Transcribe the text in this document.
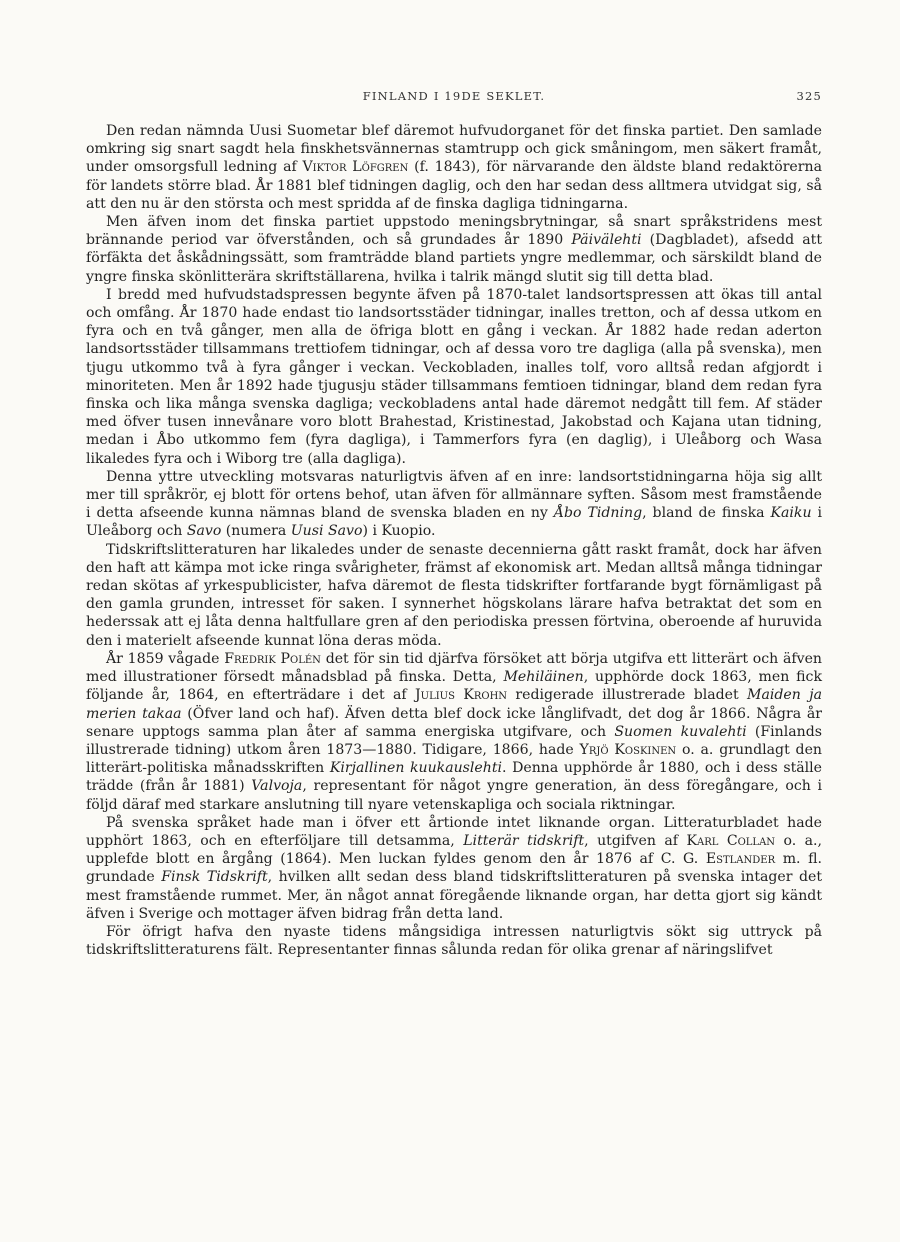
FINLAND I 19DE SEKLET.	325

Den redan nämnda Uusi Suometar blef däremot hufvudorganet för det finska partiet. Den samlade omkring sig snart sagdt hela finskhetsvännernas stamtrupp och gick småningom, men säkert framåt, under omsorgsfull ledning af Viktor Löfgren (f. 1843), för närvarande den äldste bland redaktörerna för landets större blad. År 1881 blef tidningen daglig, och den har sedan dess alltmera utvidgat sig, så att den nu är den största och mest spridda af de finska dagliga tidningarna.

Men äfven inom det finska partiet uppstodo meningsbrytningar, så snart språkstridens mest brännande period var öfverstånden, och så grundades år 1890 Päivälehti (Dagbladet), afsedd att förfäkta det åskådningssätt, som framträdde bland partiets yngre medlemmar, och särskildt bland de yngre finska skönlitterära skriftställarena, hvilka i talrik mängd slutit sig till detta blad.

I bredd med hufvudstadspressen begynte äfven på 1870-talet landsortspressen att ökas till antal och omfång. År 1870 hade endast tio landsortsstäder tidningar, inalles tretton, och af dessa utkom en fyra och en två gånger, men alla de öfriga blott en gång i veckan. År 1882 hade redan aderton landsortsstäder tillsammans trettiofem tidningar, och af dessa voro tre dagliga (alla på svenska), men tjugu utkommo två à fyra gånger i veckan. Veckobladen, inalles tolf, voro alltså redan afgjordt i minoriteten. Men år 1892 hade tjugusju städer tillsammans femtioen tidningar, bland dem redan fyra finska och lika många svenska dagliga; veckobladens antal hade däremot nedgått till fem. Af städer med öfver tusen innevånare voro blott Brahestad, Kristinestad, Jakobstad och Kajana utan tidning, medan i Åbo utkommo fem (fyra dagliga), i Tammerfors fyra (en daglig), i Uleåborg och Wasa likaledes fyra och i Wiborg tre (alla dagliga).

Denna yttre utveckling motsvaras naturligtvis äfven af en inre: landsortstidningarna höja sig allt mer till språkrör, ej blott för ortens behof, utan äfven för allmännare syften. Såsom mest framstående i detta afseende kunna nämnas bland de svenska bladen en ny Åbo Tidning, bland de finska Kaiku i Uleåborg och Savo (numera Uusi Savo) i Kuopio.

Tidskriftslitteraturen har likaledes under de senaste decennierna gått raskt framåt, dock har äfven den haft att kämpa mot icke ringa svårigheter, främst af ekonomisk art. Medan alltså många tidningar redan skötas af yrkespublicister, hafva däremot de flesta tidskrifter fortfarande bygt förnämligast på den gamla grunden, intresset för saken. I synnerhet högskolans lärare hafva betraktat det som en hederssak att ej låta denna haltfullare gren af den periodiska pressen förtvina, oberoende af huruvida den i materielt afseende kunnat löna deras möda.

År 1859 vågade Fredrik Polén det för sin tid djärfva försöket att börja utgifva ett litterärt och äfven med illustrationer försedt månadsblad på finska. Detta, Mehiläinen, upphörde dock 1863, men fick följande år, 1864, en efterträdare i det af Julius Krohn redigerade illustrerade bladet Maiden ja merien takaa (Öfver land och haf). Äfven detta blef dock icke långlifvadt, det dog år 1866. Några år senare upptogs samma plan åter af samma energiska utgifvare, och Suomen kuvalehti (Finlands illustrerade tidning) utkom åren 1873—1880. Tidigare, 1866, hade Yrjö Koskinen o. a. grundlagt den litterärt-politiska månadsskriften Kirjallinen kuukauslehti. Denna upphörde år 1880, och i dess ställe trädde (från år 1881) Valvoja, representant för något yngre generation, än dess föregångare, och i följd däraf med starkare anslutning till nyare vetenskapliga och sociala riktningar.

På svenska språket hade man i öfver ett årtionde intet liknande organ. Litteraturbladet hade upphört 1863, och en efterföljare till detsamma, Litterär tidskrift, utgifven af Karl Collan o. a., upplefde blott en årgång (1864). Men luckan fyldes genom den år 1876 af C. G. Estlander m. fl. grundade Finsk Tidskrift, hvilken allt sedan dess bland tidskriftslitteraturen på svenska intager det mest framstående rummet. Mer, än något annat föregående liknande organ, har detta gjort sig kändt äfven i Sverige och mottager äfven bidrag från detta land.

För öfrigt hafva den nyaste tidens mångsidiga intressen naturligtvis sökt sig uttryck på tidskriftslitteraturens fält. Representanter finnas sålunda redan för olika grenar af näringslifvet
